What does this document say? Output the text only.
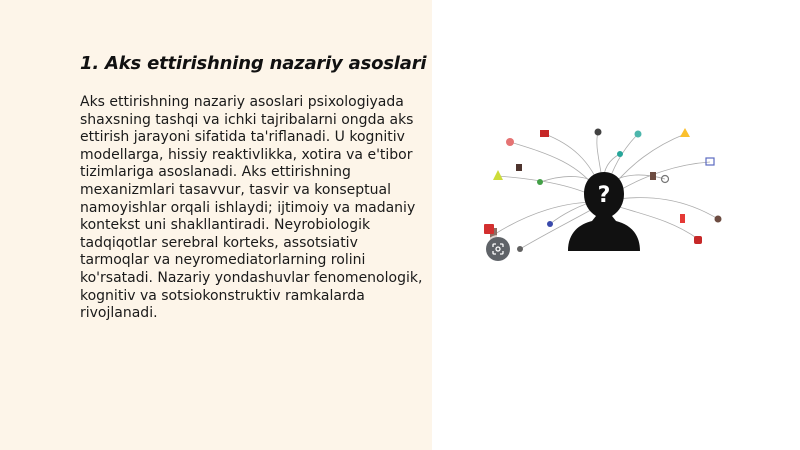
1. Aks ettirishning nazariy asoslari

Aks ettirishning nazariy asoslari psixologiyada shaxsning tashqi va ichki tajribalarni ongda aks ettirish jarayoni sifatida ta'riflanadi. U kognitiv modellarga, hissiy reaktivlikka, xotira va e'tibor tizimlariga asoslanadi. Aks ettirishning mexanizmlari tasavvur, tasvir va konseptual namoyishlar orqali ishlaydi; ijtimoiy va madaniy kontekst uni shakllantiradi. Neyrobiologik tadqiqotlar serebral korteks, assotsiativ tarmoqlar va neyromediatorlarning rolini ko'rsatadi. Nazariy yondashuvlar fenomenologik, kognitiv va sotsiokonstruktiv ramkalarda rivojlanadi.

?
